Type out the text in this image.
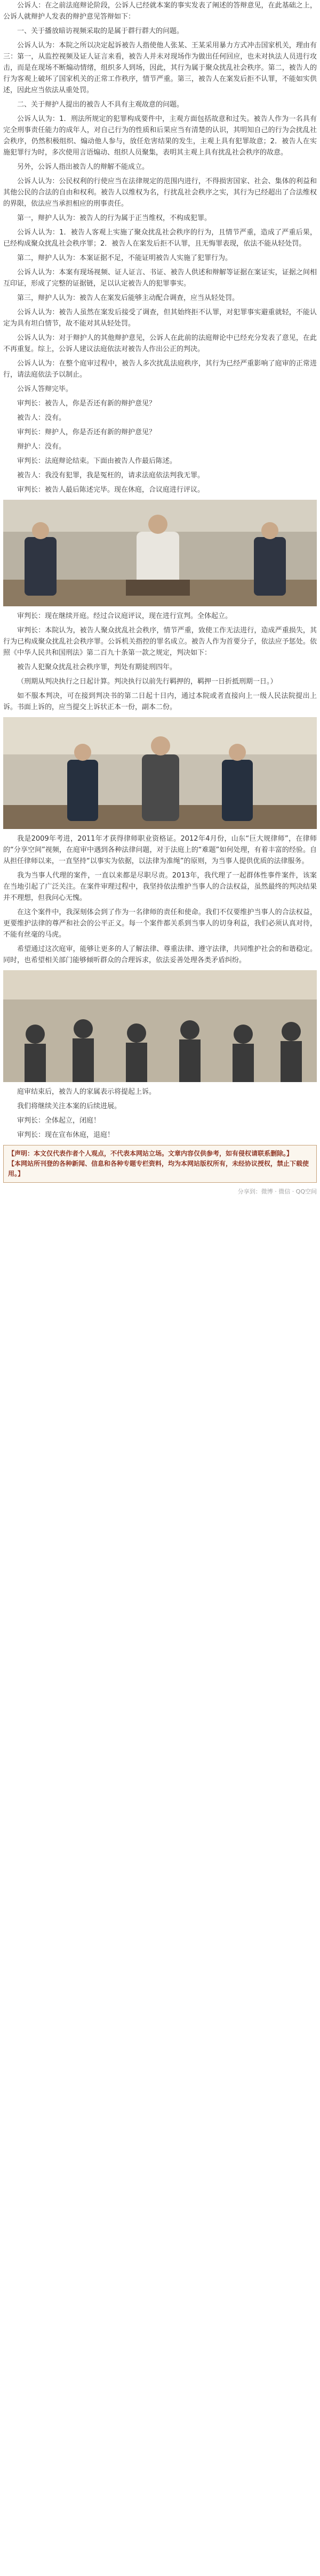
公诉人：在之前法庭辩论阶段，公诉人已经就本案的事实发表了阐述的答辩意见，在此基础之上，公诉人就辩护人发表的辩护意见答辩如下：

一、关于播放暗访视频采取的是属于群行群大的问题。

公诉人认为：本院之所以决定起诉被告人指使他人张某、王某采用暴力方式冲击国家机关，理由有三：第一，从监控视频及证人证言来看，被告人并未对现场作为做出任何回应，也未对执法人员进行攻击，而是在现场不断煽动情绪，组织多人到场，因此，其行为属于聚众扰乱社会秩序。第二，被告人的行为客观上破坏了国家机关的正常工作秩序，情节严重。第三，被告人在案发后拒不认罪，不能如实供述，因此应当依法从重处罚。

二、关于辩护人提出的被告人不具有主观故意的问题。

公诉人认为：1．刑法所规定的犯罪构成要件中，主观方面包括故意和过失。被告人作为一名具有完全刑事责任能力的成年人，对自己行为的性质和后果应当有清楚的认识，其明知自己的行为会扰乱社会秩序，仍然积极组织、煽动他人参与，放任危害结果的发生，主观上具有犯罪故意；2．被告人在实施犯罪行为时，多次使用言语煽动、组织人员聚集，表明其主观上具有扰乱社会秩序的故意。

另外，公诉人指出被告人的辩解不能成立。

公诉人认为：公民权利的行使应当在法律规定的范围内进行，不得损害国家、社会、集体的利益和其他公民的合法的自由和权利。被告人以维权为名，行扰乱社会秩序之实，其行为已经超出了合法维权的界限，依法应当承担相应的刑事责任。

第一，辩护人认为：被告人的行为属于正当维权，不构成犯罪。

公诉人认为：1．被告人客观上实施了聚众扰乱社会秩序的行为，且情节严重，造成了严重后果，已经构成聚众扰乱社会秩序罪；2．被告人在案发后拒不认罪，且无悔罪表现，依法不能从轻处罚。

第二，辩护人认为：本案证据不足，不能证明被告人实施了犯罪行为。

公诉人认为：本案有现场视频、证人证言、书证、被告人供述和辩解等证据在案证实，证据之间相互印证，形成了完整的证据链，足以认定被告人的犯罪事实。

第三，辩护人认为：被告人在案发后能够主动配合调查，应当从轻处罚。

公诉人认为：被告人虽然在案发后接受了调查，但其始终拒不认罪，对犯罪事实避重就轻，不能认定为具有坦白情节，故不能对其从轻处罚。

公诉人认为：对于辩护人的其他辩护意见，公诉人在此前的法庭辩论中已经充分发表了意见，在此不再重复。综上，公诉人建议法庭依法对被告人作出公正的判决。

公诉人认为：在整个庭审过程中，被告人多次扰乱法庭秩序，其行为已经严重影响了庭审的正常进行，请法庭依法予以制止。

公诉人答辩完毕。

审判长：被告人，你是否还有新的辩护意见？

被告人：没有。

审判长：辩护人，你是否还有新的辩护意见？

辩护人：没有。

审判长：法庭辩论结束。下面由被告人作最后陈述。

被告人：我没有犯罪，我是冤枉的，请求法庭依法判我无罪。

审判长：被告人最后陈述完毕。现在休庭，合议庭进行评议。

审判长：现在继续开庭。经过合议庭评议，现在进行宣判。全体起立。

审判长：本院认为，被告人聚众扰乱社会秩序，情节严重，致使工作无法进行，造成严重损失，其行为已构成聚众扰乱社会秩序罪。公诉机关指控的罪名成立。被告人作为首要分子，依法应予惩处。依照《中华人民共和国刑法》第二百九十条第一款之规定，判决如下：

被告人犯聚众扰乱社会秩序罪，判处有期徒刑四年。

（刑期从判决执行之日起计算。判决执行以前先行羁押的，羁押一日折抵刑期一日。）

如不服本判决，可在接到判决书的第二日起十日内，通过本院或者直接向上一级人民法院提出上诉。书面上诉的，应当提交上诉状正本一份，副本二份。

我是2009年考进，2011年才获得律师职业资格证。2012年4月份，山东“巨大规律师”，在律师的“分享空间”视频，在庭审中遇到各种法律问题，对于法庭上的“难题”如何处理，有着丰富的经验。自从担任律师以来，一直坚持“以事实为依据，以法律为准绳”的原则，为当事人提供优质的法律服务。

我为当事人代理的案件，一直以来都是尽职尽责。2013年，我代理了一起群体性事件案件，该案在当地引起了广泛关注。在案件审理过程中，我坚持依法维护当事人的合法权益，虽然最终的判决结果并不理想，但我问心无愧。

在这个案件中，我深刻体会到了作为一名律师的责任和使命。我们不仅要维护当事人的合法权益，更要维护法律的尊严和社会的公平正义。每一个案件都关系到当事人的切身利益，我们必须认真对待，不能有丝毫的马虎。

希望通过这次庭审，能够让更多的人了解法律、尊重法律、遵守法律，共同维护社会的和谐稳定。同时，也希望相关部门能够倾听群众的合理诉求，依法妥善处理各类矛盾纠纷。

庭审结束后，被告人的家属表示将提起上诉。

我们将继续关注本案的后续进展。

审判长：全体起立，闭庭！

审判长：现在宣布休庭，退庭！

【声明：本文仅代表作者个人观点，不代表本网站立场。文章内容仅供参考，如有侵权请联系删除。】

【本网站所刊登的各种新闻、信息和各种专题专栏资料，均为本网站版权所有，未经协议授权，禁止下载使用。】

分享到：微博 · 微信 · QQ空间
